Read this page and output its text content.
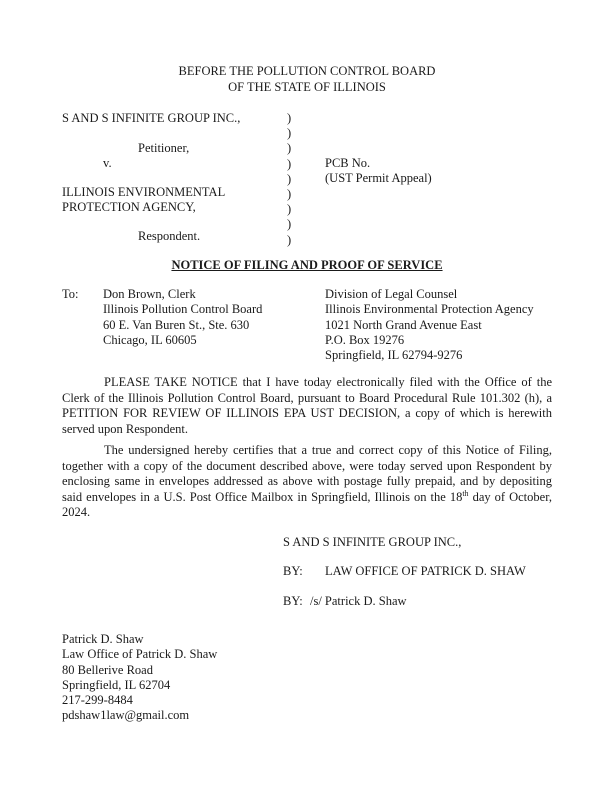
BEFORE THE POLLUTION CONTROL BOARD
OF THE STATE OF ILLINOIS
S AND S INFINITE GROUP INC.,
Petitioner,
v.
ILLINOIS ENVIRONMENTAL
PROTECTION AGENCY,
Respondent.
)
)
)
)
)
)
)
)
)
PCB No.
(UST Permit Appeal)
NOTICE OF FILING AND PROOF OF SERVICE
To: Don Brown, Clerk
Illinois Pollution Control Board
60 E. Van Buren St., Ste. 630
Chicago, IL 60605
Division of Legal Counsel
Illinois Environmental Protection Agency
1021 North Grand Avenue East
P.O. Box 19276
Springfield, IL 62794-9276
PLEASE TAKE NOTICE that I have today electronically filed with the Office of the Clerk of the Illinois Pollution Control Board, pursuant to Board Procedural Rule 101.302 (h), a PETITION FOR REVIEW OF ILLINOIS EPA UST DECISION, a copy of which is herewith served upon Respondent.
The undersigned hereby certifies that a true and correct copy of this Notice of Filing, together with a copy of the document described above, were today served upon Respondent by enclosing same in envelopes addressed as above with postage fully prepaid, and by depositing said envelopes in a U.S. Post Office Mailbox in Springfield, Illinois on the 18th day of October, 2024.
S AND S INFINITE GROUP INC.,
BY: LAW OFFICE OF PATRICK D. SHAW
BY: /s/ Patrick D. Shaw
Patrick D. Shaw
Law Office of Patrick D. Shaw
80 Bellerive Road
Springfield, IL 62704
217-299-8484
pdshaw1law@gmail.com
